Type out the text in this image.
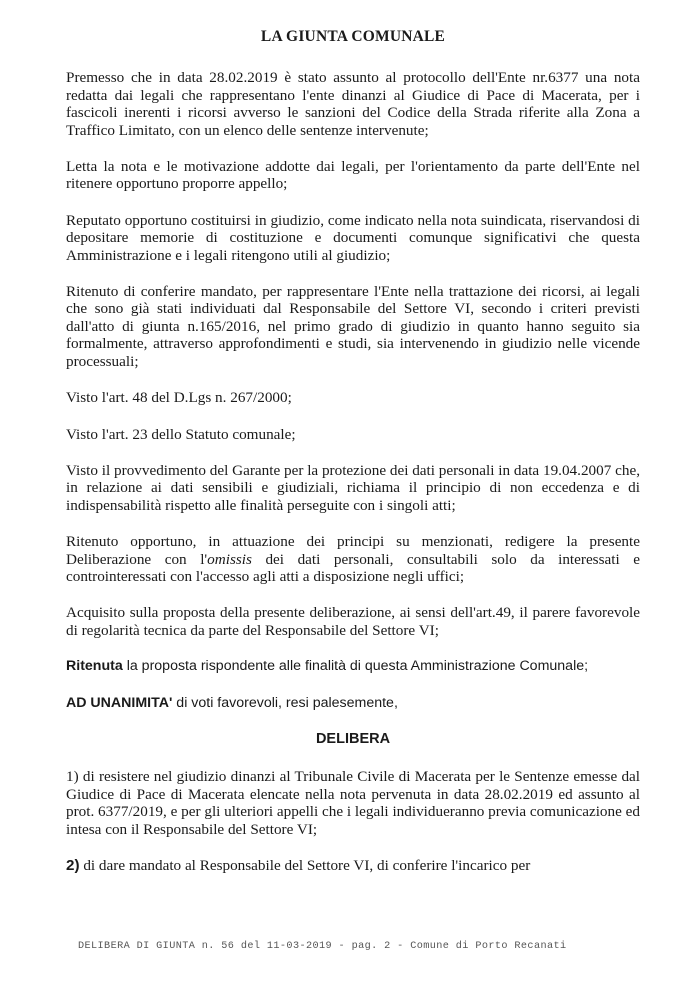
LA GIUNTA COMUNALE

Premesso che in data 28.02.2019 è stato assunto al protocollo dell'Ente nr.6377 una nota redatta dai legali che rappresentano l'ente dinanzi al Giudice di Pace di Macerata, per i fascicoli inerenti i ricorsi avverso le sanzioni del Codice della Strada riferite alla Zona a Traffico Limitato, con un elenco delle sentenze intervenute;

Letta la nota e le motivazione addotte dai legali, per l'orientamento da parte dell'Ente nel ritenere opportuno proporre appello;

Reputato opportuno costituirsi in giudizio, come indicato nella nota suindicata, riservandosi di depositare memorie di costituzione e documenti comunque significativi che questa Amministrazione e i legali ritengono utili al giudizio;

Ritenuto di conferire mandato, per rappresentare l'Ente nella trattazione dei ricorsi, ai legali che sono già stati individuati dal Responsabile del Settore VI, secondo i criteri previsti dall'atto di giunta n.165/2016, nel primo grado di giudizio in quanto hanno seguito sia formalmente, attraverso approfondimenti e studi, sia intervenendo in giudizio nelle vicende processuali;

Visto l'art. 48 del D.Lgs n. 267/2000;

Visto l'art. 23 dello Statuto comunale;

Visto il provvedimento del Garante per la protezione dei dati personali in data 19.04.2007 che, in relazione ai dati sensibili e giudiziali, richiama il principio di non eccedenza e di indispensabilità rispetto alle finalità perseguite con i singoli atti;

Ritenuto opportuno, in attuazione dei principi su menzionati, redigere la presente Deliberazione con l'omissis dei dati personali, consultabili solo da interessati e controinteressati con l'accesso agli atti a disposizione negli uffici;

Acquisito sulla proposta della presente deliberazione, ai sensi dell'art.49, il parere favorevole di regolarità tecnica da parte del Responsabile del Settore VI;

Ritenuta la proposta rispondente alle finalità di questa Amministrazione Comunale;

AD UNANIMITA' di voti favorevoli, resi palesemente,

DELIBERA

1) di resistere nel giudizio dinanzi al Tribunale Civile di Macerata per le Sentenze emesse dal Giudice di Pace di Macerata elencate nella nota pervenuta in data 28.02.2019 ed assunto al prot. 6377/2019, e per gli ulteriori appelli che i legali individueranno previa comunicazione ed intesa con il Responsabile del Settore VI;

2) di dare mandato al Responsabile del Settore VI, di conferire l'incarico per

DELIBERA DI GIUNTA n. 56 del 11-03-2019 - pag. 2 - Comune di Porto Recanati
